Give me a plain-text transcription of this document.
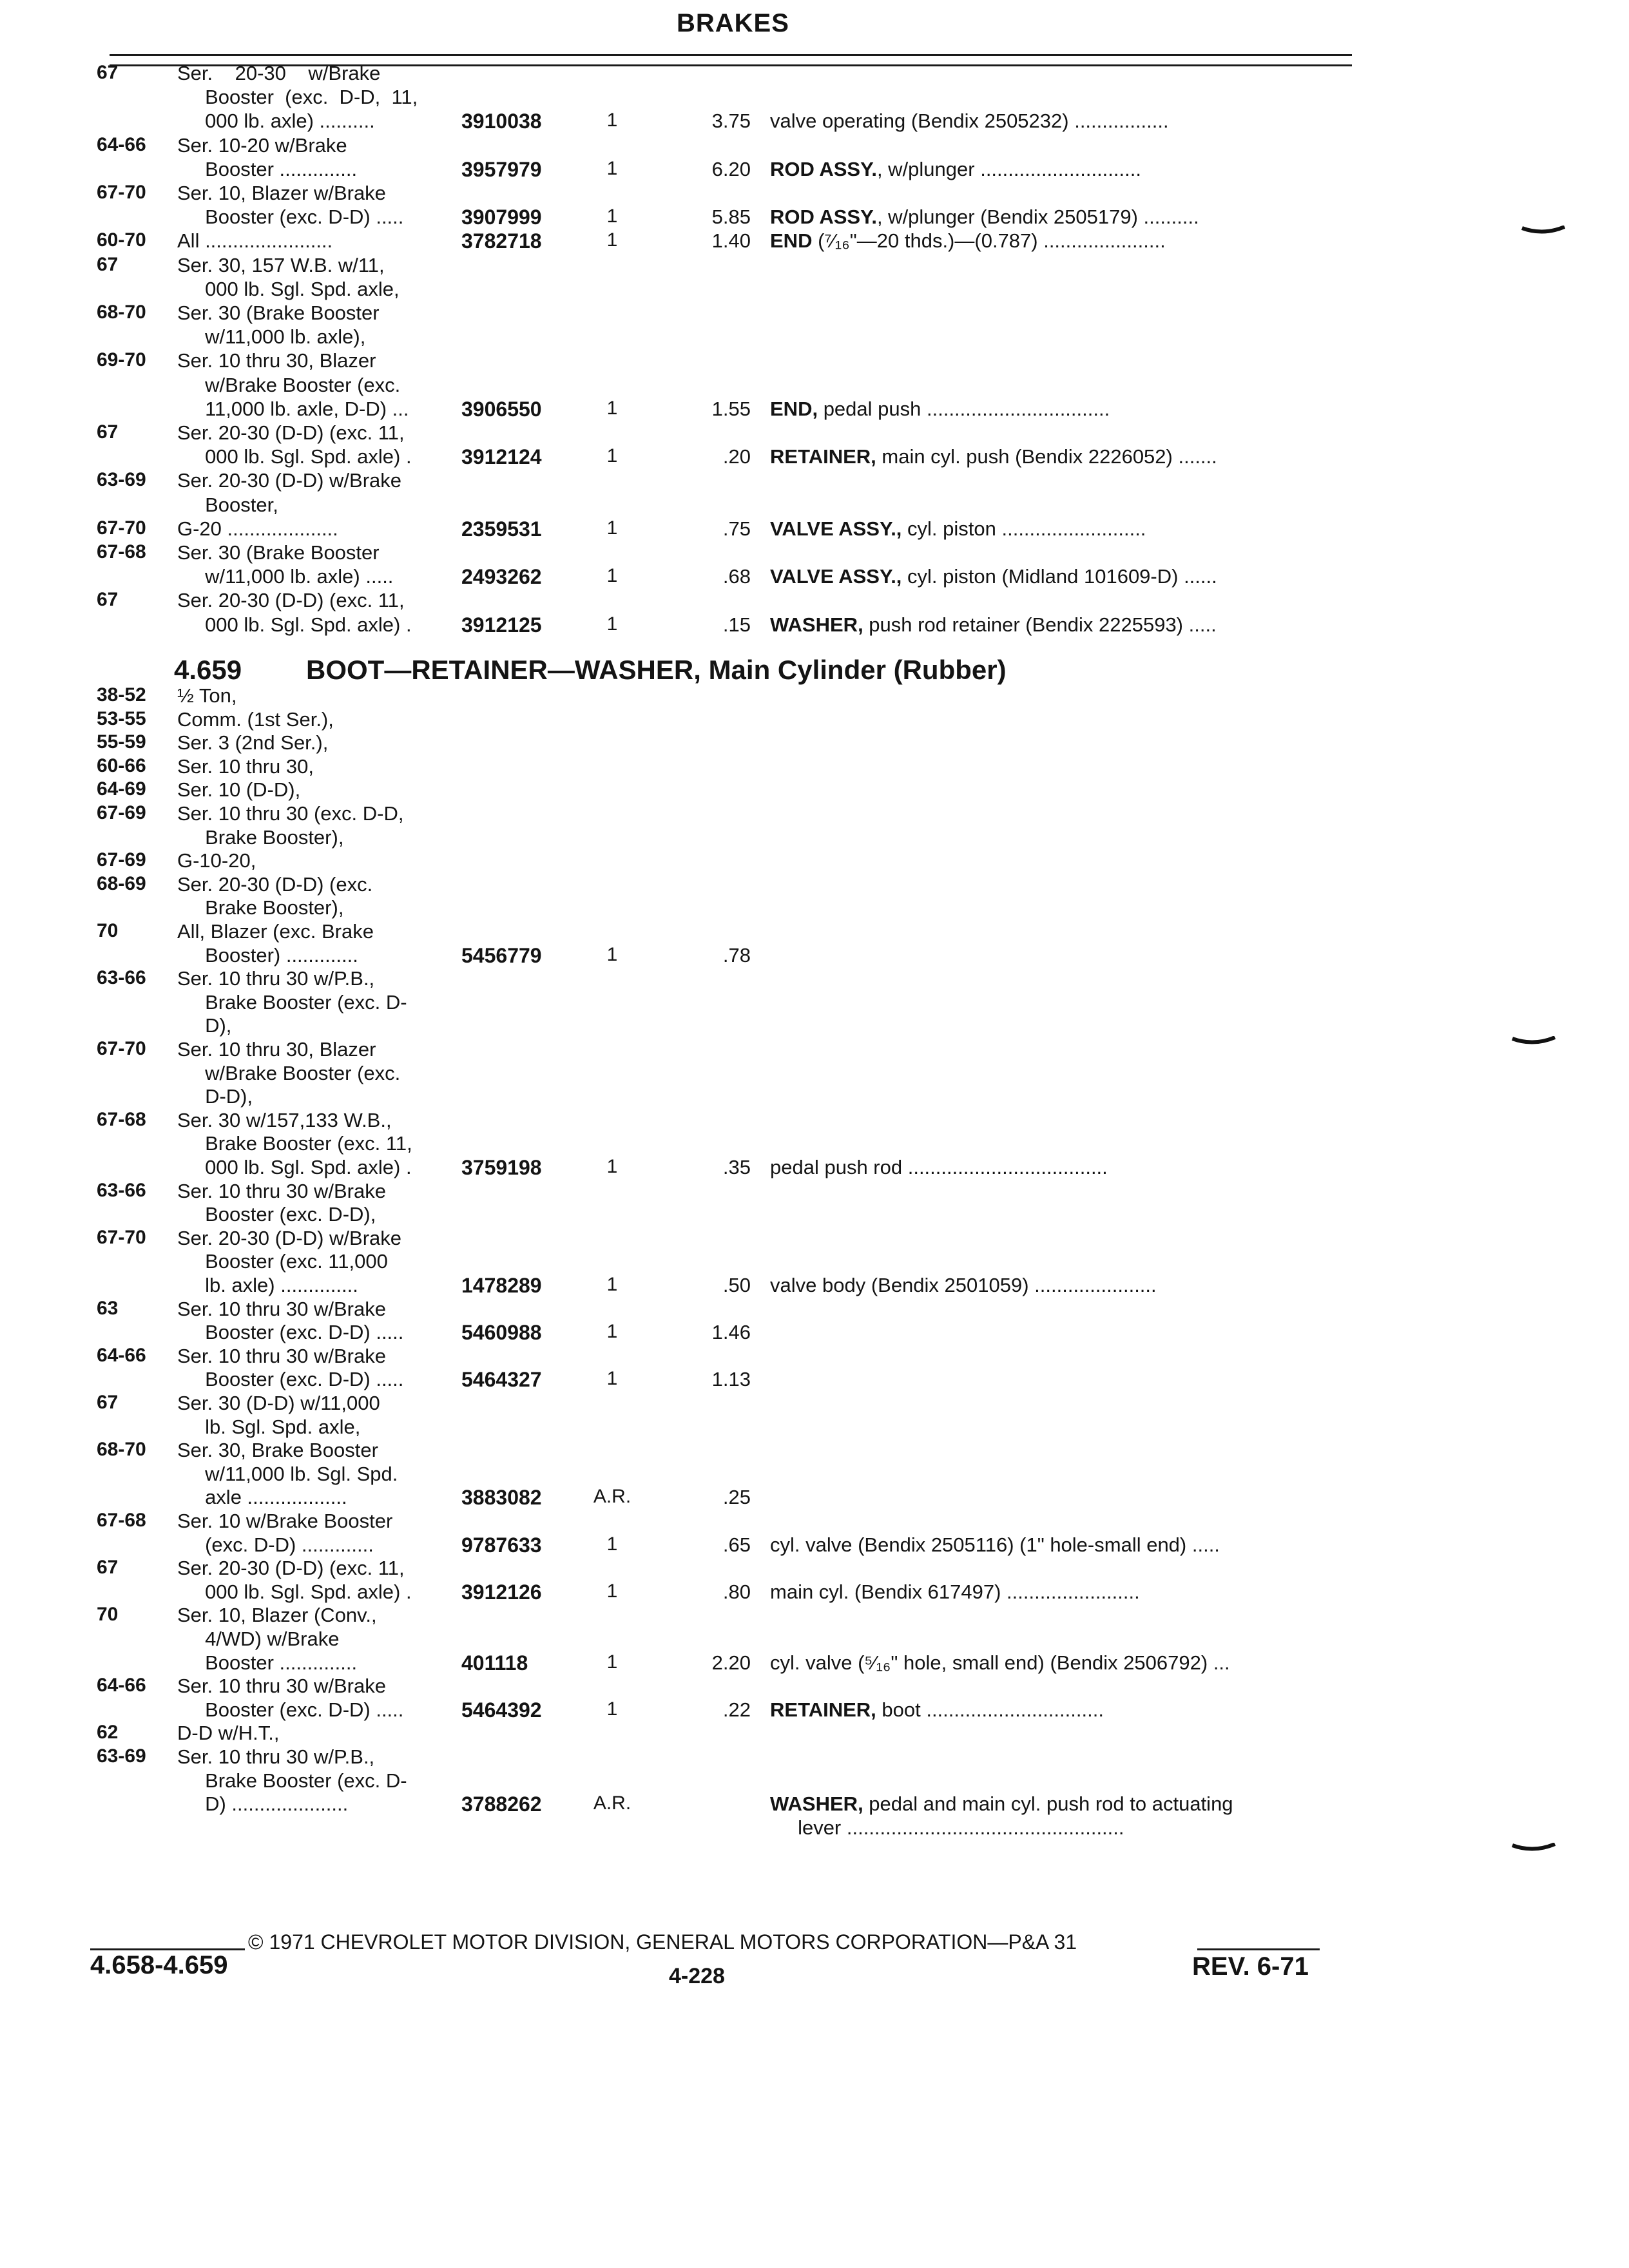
BRAKES
67	Ser.    20-30    w/Brake
Booster  (exc.  D-D,  11,
000 lb. axle) ..........	3910038	1	3.75 valve operating (Bendix 2505232) .................
64-66	Ser. 10-20 w/Brake
Booster ..............	3957979	1	6.20 ROD ASSY., w/plunger .............................
67-70	Ser. 10, Blazer w/Brake
Booster (exc. D-D) .....	3907999	1	5.85 ROD ASSY., w/plunger (Bendix 2505179) ..........
60-70	All .......................	3782718	1	1.40 END (⁷⁄₁₆"—20 thds.)—(0.787) ......................
67	Ser. 30, 157 W.B. w/11,
000 lb. Sgl. Spd. axle,
68-70	Ser. 30 (Brake Booster
w/11,000 lb. axle),
69-70	Ser. 10 thru 30, Blazer
w/Brake Booster (exc.
11,000 lb. axle, D-D) ...	3906550	1	1.55 END, pedal push .................................
67	Ser. 20-30 (D-D) (exc. 11,
000 lb. Sgl. Spd. axle) .	3912124	1	.20 RETAINER, main cyl. push (Bendix 2226052) .......
63-69	Ser. 20-30 (D-D) w/Brake
Booster,
67-70	G-20 ....................	2359531	1	.75 VALVE ASSY., cyl. piston ..........................
67-68	Ser. 30 (Brake Booster
w/11,000 lb. axle) .....	2493262	1	.68 VALVE ASSY., cyl. piston (Midland 101609-D) ......
67	Ser. 20-30 (D-D) (exc. 11,
000 lb. Sgl. Spd. axle) .	3912125	1	.15 WASHER, push rod retainer (Bendix 2225593) .....
4.659 BOOT—RETAINER—WASHER, Main Cylinder (Rubber)
38-52	½ Ton,
53-55	Comm. (1st Ser.),
55-59	Ser. 3 (2nd Ser.),
60-66	Ser. 10 thru 30,
64-69	Ser. 10 (D-D),
67-69	Ser. 10 thru 30 (exc. D-D,
Brake Booster),
67-69	G-10-20,
68-69	Ser. 20-30 (D-D) (exc.
Brake Booster),
70	All, Blazer (exc. Brake
Booster) .............	5456779	1	.78
63-66	Ser. 10 thru 30 w/P.B.,
Brake Booster (exc. D-
D),
67-70	Ser. 10 thru 30, Blazer
w/Brake Booster (exc.
D-D),
67-68	Ser. 30 w/157,133 W.B.,
Brake Booster (exc. 11,
000 lb. Sgl. Spd. axle) .	3759198	1	.35 pedal push rod ....................................
63-66	Ser. 10 thru 30 w/Brake
Booster (exc. D-D),
67-70	Ser. 20-30 (D-D) w/Brake
Booster (exc. 11,000
lb. axle) ..............	1478289	1	.50 valve body (Bendix 2501059) ......................
63	Ser. 10 thru 30 w/Brake
Booster (exc. D-D) .....	5460988	1	1.46
64-66	Ser. 10 thru 30 w/Brake
Booster (exc. D-D) .....	5464327	1	1.13
67	Ser. 30 (D-D) w/11,000
lb. Sgl. Spd. axle,
68-70	Ser. 30, Brake Booster
w/11,000 lb. Sgl. Spd.
axle ..................	3883082	A.R.	.25
67-68	Ser. 10 w/Brake Booster
(exc. D-D) .............	9787633	1	.65 cyl. valve (Bendix 2505116) (1" hole-small end) .....
67	Ser. 20-30 (D-D) (exc. 11,
000 lb. Sgl. Spd. axle) .	3912126	1	.80 main cyl. (Bendix 617497) ........................
70	Ser. 10, Blazer (Conv.,
4/WD) w/Brake
Booster ..............	401118	1	2.20 cyl. valve (⁵⁄₁₆" hole, small end) (Bendix 2506792) ...
64-66	Ser. 10 thru 30 w/Brake
Booster (exc. D-D) .....	5464392	1	.22 RETAINER, boot ................................
62	D-D w/H.T.,
63-69	Ser. 10 thru 30 w/P.B.,
Brake Booster (exc. D-
D) .....................	3788262	A.R.	WASHER, pedal and main cyl. push rod to actuating
lever ..................................................
© 1971 CHEVROLET MOTOR DIVISION, GENERAL MOTORS CORPORATION—P&A 31
4.658-4.659	4-228	REV. 6-71
